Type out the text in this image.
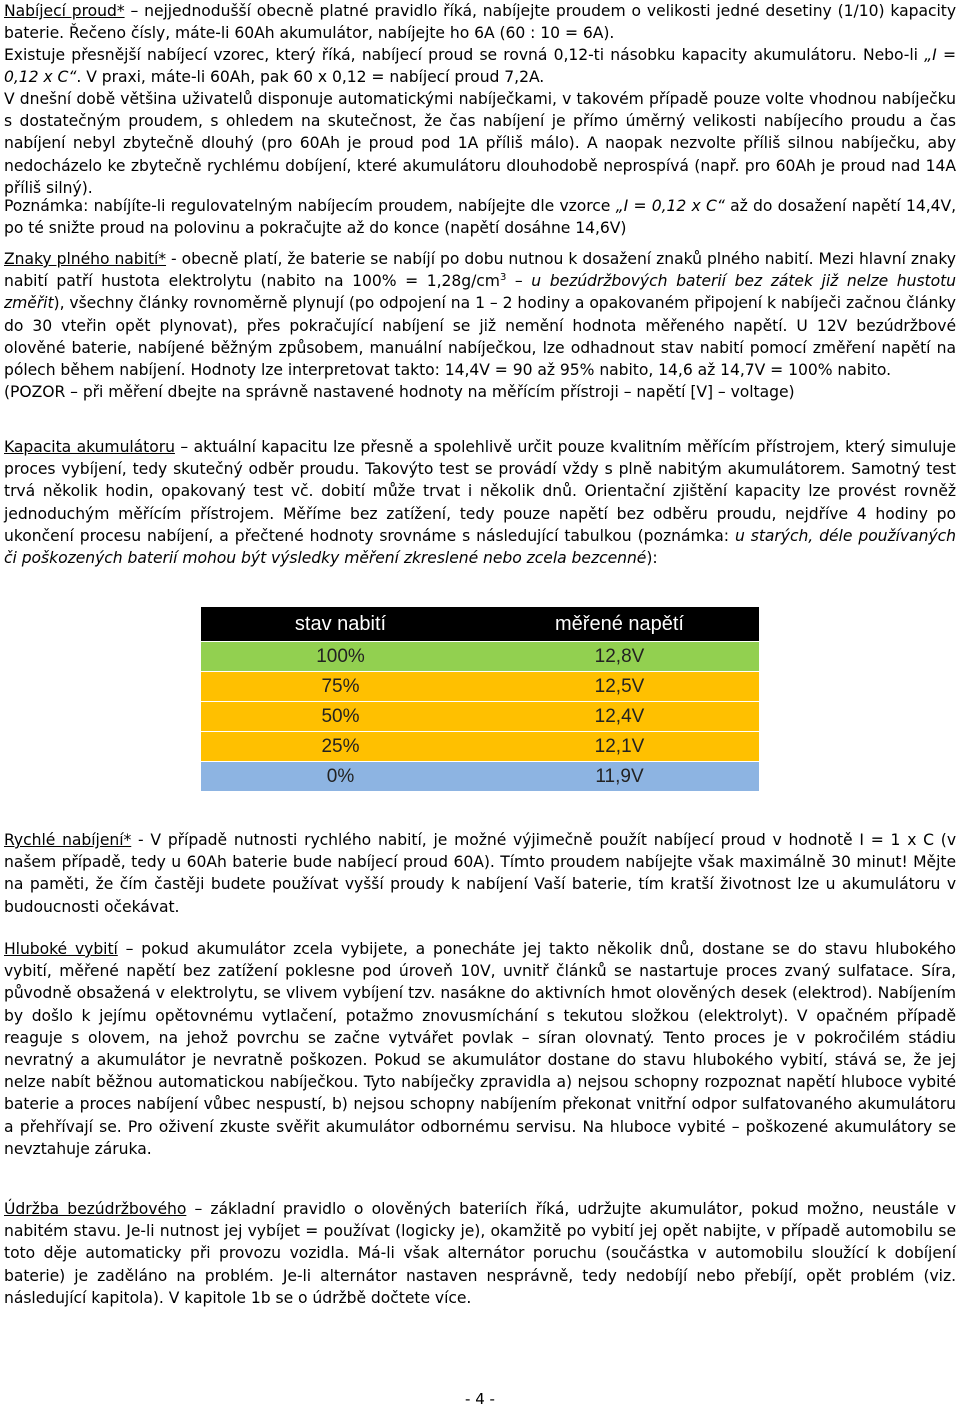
Nabíjecí proud* – nejjednodušší obecně platné pravidlo říká, nabíjejte proudem o velikosti jedné desetiny (1/10) kapacity baterie. Řečeno čísly, máte-li 60Ah akumulátor, nabíjejte ho 6A (60 : 10 = 6A).

Existuje přesnější nabíjecí vzorec, který říká, nabíjecí proud se rovná 0,12-ti násobku kapacity akumulátoru. Nebo-li „I = 0,12 x C“. V praxi, máte-li 60Ah, pak 60 x 0,12 = nabíjecí proud 7,2A.

V dnešní době většina uživatelů disponuje automatickými nabíječkami, v takovém případě pouze volte vhodnou nabíječku s dostatečným proudem, s ohledem na skutečnost, že čas nabíjení je přímo úměrný velikosti nabíjecího proudu a čas nabíjení nebyl zbytečně dlouhý (pro 60Ah je proud pod 1A příliš málo). A naopak nezvolte příliš silnou nabíječku, aby nedocházelo ke zbytečně rychlému dobíjení, které akumulátoru dlouhodobě neprospívá (např. pro 60Ah je proud nad 14A příliš silný).

Poznámka: nabíjíte-li regulovatelným nabíjecím proudem, nabíjejte dle vzorce „I = 0,12 x C“ až do dosažení napětí 14,4V, po té snižte proud na polovinu a pokračujte až do konce (napětí dosáhne 14,6V)

Znaky plného nabití* - obecně platí, že baterie se nabíjí po dobu nutnou k dosažení znaků plného nabití. Mezi hlavní znaky nabití patří hustota elektrolytu (nabito na $100\% = 1,28g/cm^3 - u$ bezúdržbových baterií bez zátek již nelze hustotu změřit), všechny články rovnoměrně plynují (po odpojení na 1 – 2 hodiny a opakovaném připojení k nabíječi začnou články do 30 vteřin opět plynovat), přes pokračující nabíjení se již nemění hodnota měřeného napětí. U 12V bezúdržbové olověné baterie, nabíjené běžným způsobem, manuální nabíječkou, lze odhadnout stav nabití pomocí změření napětí na pólech během nabíjení. Hodnoty lze interpretovat takto: 14,4V = 90 až 95% nabito, 14,6 až 14,7V = 100% nabito.
(POZOR – při měření dbejte na správně nastavené hodnoty na měřícím přístroji – napětí [V] – voltage)

Kapacita akumulátoru – aktuální kapacitu lze přesně a spolehlivě určit pouze kvalitním měřícím přístrojem, který simuluje proces vybíjení, tedy skutečný odběr proudu. Takovýto test se provádí vždy s plně nabitým akumulátorem. Samotný test trvá několik hodin, opakovaný test vč. dobití může trvat i několik dnů. Orientační zjištění kapacity lze provést rovněž jednoduchým měřícím přístrojem. Měříme bez zatížení, tedy pouze napětí bez odběru proudu, nejdříve 4 hodiny po ukončení procesu nabíjení, a přečtené hodnoty srovnáme s následující tabulkou (poznámka: u starých, déle používaných či poškozených baterií mohou být výsledky měření zkreslené nebo zcela bezcenné):

stav nabití	měřené napětí
100%	12,8V
75%	12,5V
50%	12,4V
25%	12,1V
0%	11,9V

Rychlé nabíjení* - V případě nutnosti rychlého nabití, je možné výjimečně použít nabíjecí proud v hodnotě I = 1 x C (v našem případě, tedy u 60Ah baterie bude nabíjecí proud 60A). Tímto proudem nabíjejte však maximálně 30 minut! Mějte na paměti, že čím častěji budete používat vyšší proudy k nabíjení Vaší baterie, tím kratší životnost lze u akumulátoru v budoucnosti očekávat.

Hluboké vybití – pokud akumulátor zcela vybijete, a ponecháte jej takto několik dnů, dostane se do stavu hlubokého vybití, měřené napětí bez zatížení poklesne pod úroveň 10V, uvnitř článků se nastartuje proces zvaný sulfatace. Síra, původně obsažená v elektrolytu, se vlivem vybíjení tzv. nasákne do aktivních hmot olověných desek (elektrod). Nabíjením by došlo k jejímu opětovnému vytlačení, potažmo znovusmíchání s tekutou složkou (elektrolyt). V opačném případě reaguje s olovem, na jehož povrchu se začne vytvářet povlak – síran olovnatý. Tento proces je v pokročilém stádiu nevratný a akumulátor je nevratně poškozen. Pokud se akumulátor dostane do stavu hlubokého vybití, stává se, že jej nelze nabít běžnou automatickou nabíječkou. Tyto nabíječky zpravidla a) nejsou schopny rozpoznat napětí hluboce vybité baterie a proces nabíjení vůbec nespustí, b) nejsou schopny nabíjením překonat vnitřní odpor sulfatovaného akumulátoru a přehřívají se. Pro oživení zkuste svěřit akumulátor odbornému servisu. Na hluboce vybité – poškozené akumulátory se nevztahuje záruka.

Údržba bezúdržbového – základní pravidlo o olověných bateriích říká, udržujte akumulátor, pokud možno, neustále v nabitém stavu. Je-li nutnost jej vybíjet = používat (logicky je), okamžitě po vybití jej opět nabijte, v případě automobilu se toto děje automaticky při provozu vozidla. Má-li však alternátor poruchu (součástka v automobilu sloužící k dobíjení baterie) je zaděláno na problém. Je-li alternátor nastaven nesprávně, tedy nedobíjí nebo přebíjí, opět problém (viz. následující kapitola). V kapitole 1b se o údržbě dočtete více.

- 4 -
